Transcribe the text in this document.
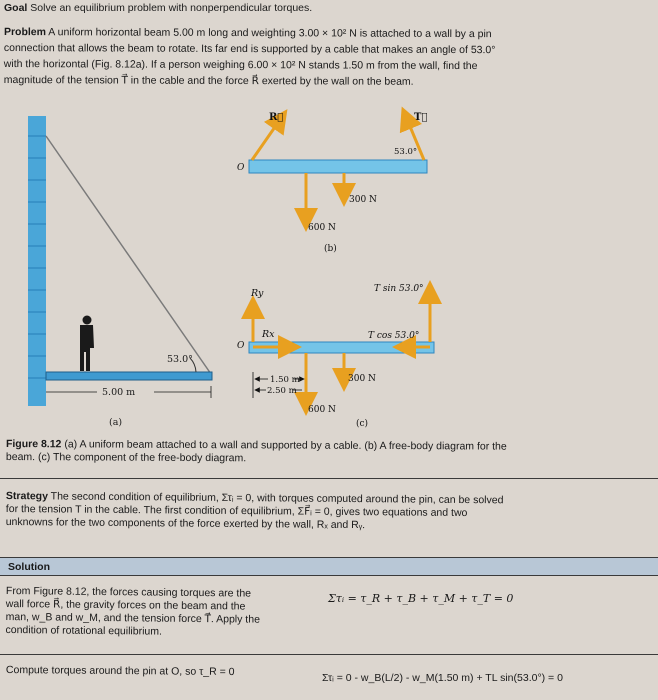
Goal Solve an equilibrium problem with nonperpendicular torques.
Problem A uniform horizontal beam 5.00 m long and weighting 3.00 × 10² N is attached to a wall by a pin
connection that allows the beam to rotate. Its far end is supported by a cable that makes an angle of 53.0°
with the horizontal (Fig. 8.12a). If a person weighing 6.00 × 10² N stands 1.50 m from the wall, find the
magnitude of the tension T⃗ in the cable and the force R⃗ exerted by the wall on the beam.
53.0°
5.00 m
(a)
R⃗	T⃗
53.0°
O
300 N
600 N
(b)
Ry
Rx
T sin 53.0°
T cos 53.0°
O
300 N
600 N
1.50 m
2.50 m
(c)
Figure 8.12 (a) A uniform beam attached to a wall and supported by a cable. (b) A free-body diagram for the
beam. (c) The component of the free-body diagram.
Strategy The second condition of equilibrium, Στᵢ = 0, with torques computed around the pin, can be solved
for the tension T in the cable. The first condition of equilibrium, ΣF⃗ᵢ = 0, gives two equations and two
unknowns for the two components of the force exerted by the wall, Rₓ and Rᵧ.
Solution
From Figure 8.12, the forces causing torques are the
wall force R⃗, the gravity forces on the beam and the
man, w_B and w_M, and the tension force T⃗. Apply the
condition of rotational equilibrium.
Στᵢ = τ_R + τ_B + τ_M + τ_T = 0
Compute torques around the pin at O, so τ_R = 0
Στᵢ = 0 - w_B(L/2) - w_M(1.50 m) + TL sin(53.0°) = 0
